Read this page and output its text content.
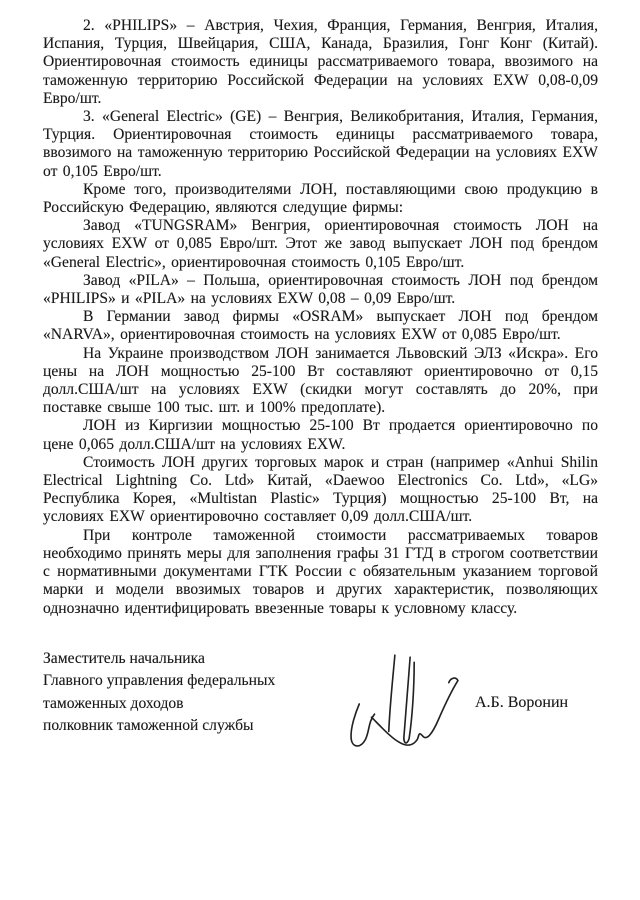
2. «PHILIPS» – Австрия, Чехия, Франция, Германия, Венгрия, Италия, Испания, Турция, Швейцария, США, Канада, Бразилия, Гонг Конг (Китай). Ориентировочная стоимость единицы рассматриваемого товара, ввозимого на таможенную территорию Российской Федерации на условиях EXW 0,08-0,09 Евро/шт.

3. «General Electric» (GE) – Венгрия, Великобритания, Италия, Германия, Турция. Ориентировочная стоимость единицы рассматриваемого товара, ввозимого на таможенную территорию Российской Федерации на условиях EXW от 0,105 Евро/шт.

Кроме того, производителями ЛОН, поставляющими свою продукцию в Российскую Федерацию, являются следущие фирмы:

Завод «TUNGSRAM» Венгрия, ориентировочная стоимость ЛОН на условиях EXW от 0,085 Евро/шт. Этот же завод выпускает ЛОН под брендом «General Electric», ориентировочная стоимость 0,105 Евро/шт.

Завод «PILA» – Польша, ориентировочная стоимость ЛОН под брендом «PHILIPS» и «PILA» на условиях EXW 0,08 – 0,09 Евро/шт.

В Германии завод фирмы «OSRAM» выпускает ЛОН под брендом «NARVA», ориентировочная стоимость на условиях EXW от 0,085 Евро/шт.

На Украине производством ЛОН занимается Львовский ЭЛЗ «Искра». Его цены на ЛОН мощностью 25-100 Вт составляют ориентировочно от 0,15 долл.США/шт на условиях EXW (скидки могут составлять до 20%, при поставке свыше 100 тыс. шт. и 100% предоплате).

ЛОН из Киргизии мощностью 25-100 Вт продается ориентировочно по цене 0,065 долл.США/шт на условиях EXW.

Стоимость ЛОН других торговых марок и стран (например «Anhui Shilin Electrical Lightning Co. Ltd» Китай, «Daewoo Electronics Co. Ltd», «LG» Республика Корея, «Multistan Plastic» Турция) мощностью 25-100 Вт, на условиях EXW ориентировочно составляет 0,09 долл.США/шт.

При контроле таможенной стоимости рассматриваемых товаров необходимо принять меры для заполнения графы 31 ГТД в строгом соответствии с нормативными документами ГТК России с обязательным указанием торговой марки и модели ввозимых товаров и других характеристик, позволяющих однозначно идентифицировать ввезенные товары к условному классу.

Заместитель начальника
Главного управления федеральных
таможенных доходов
полковник таможенной службы
А.Б. Воронин
